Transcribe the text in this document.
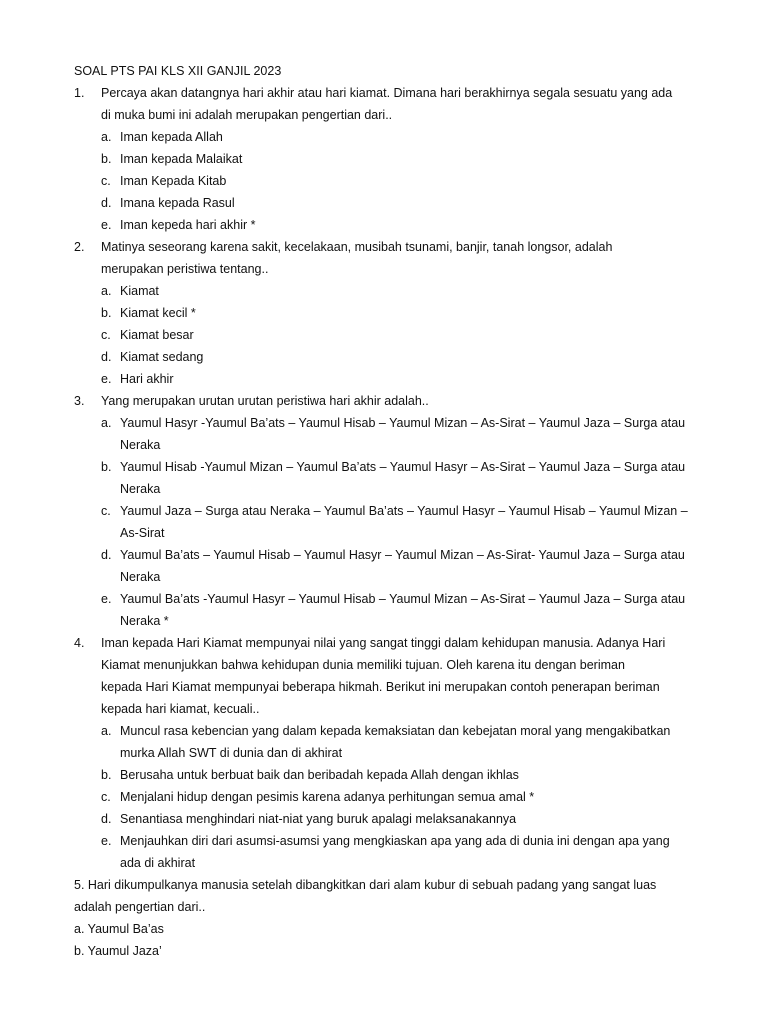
SOAL PTS PAI KLS XII GANJIL 2023
1. Percaya akan datangnya hari akhir atau hari kiamat. Dimana hari berakhirnya segala sesuatu yang ada
di muka bumi ini adalah merupakan pengertian dari..
a. Iman kepada Allah
b. Iman kepada Malaikat
c. Iman Kepada Kitab
d. Imana kepada Rasul
e. Iman kepeda hari akhir *
2. Matinya seseorang karena sakit, kecelakaan, musibah tsunami, banjir, tanah longsor, adalah
merupakan peristiwa tentang..
a. Kiamat
b. Kiamat kecil *
c. Kiamat besar
d. Kiamat sedang
e. Hari akhir
3. Yang merupakan urutan urutan peristiwa hari akhir adalah..
a. Yaumul Hasyr -Yaumul Ba’ats – Yaumul Hisab – Yaumul Mizan – As-Sirat – Yaumul Jaza – Surga atau
Neraka
b. Yaumul Hisab -Yaumul Mizan – Yaumul Ba’ats – Yaumul Hasyr – As-Sirat – Yaumul Jaza – Surga atau
Neraka
c. Yaumul Jaza – Surga atau Neraka – Yaumul Ba’ats – Yaumul Hasyr – Yaumul Hisab – Yaumul Mizan –
As-Sirat
d. Yaumul Ba’ats – Yaumul Hisab – Yaumul Hasyr – Yaumul Mizan – As-Sirat- Yaumul Jaza – Surga atau
Neraka
e. Yaumul Ba’ats -Yaumul Hasyr – Yaumul Hisab – Yaumul Mizan – As-Sirat – Yaumul Jaza – Surga atau
Neraka *
4. Iman kepada Hari Kiamat mempunyai nilai yang sangat tinggi dalam kehidupan manusia. Adanya Hari
Kiamat menunjukkan bahwa kehidupan dunia memiliki tujuan. Oleh karena itu dengan beriman
kepada Hari Kiamat mempunyai beberapa hikmah. Berikut ini merupakan contoh penerapan beriman
kepada hari kiamat, kecuali..
a. Muncul rasa kebencian yang dalam kepada kemaksiatan dan kebejatan moral yang mengakibatkan
murka Allah SWT di dunia dan di akhirat
b. Berusaha untuk berbuat baik dan beribadah kepada Allah dengan ikhlas
c. Menjalani hidup dengan pesimis karena adanya perhitungan semua amal *
d. Senantiasa menghindari niat-niat yang buruk apalagi melaksanakannya
e. Menjauhkan diri dari asumsi-asumsi yang mengkiaskan apa yang ada di dunia ini dengan apa yang
ada di akhirat
5. Hari dikumpulkanya manusia setelah dibangkitkan dari alam kubur di sebuah padang yang sangat luas
adalah pengertian dari..
a. Yaumul Ba’as
b. Yaumul Jaza’
